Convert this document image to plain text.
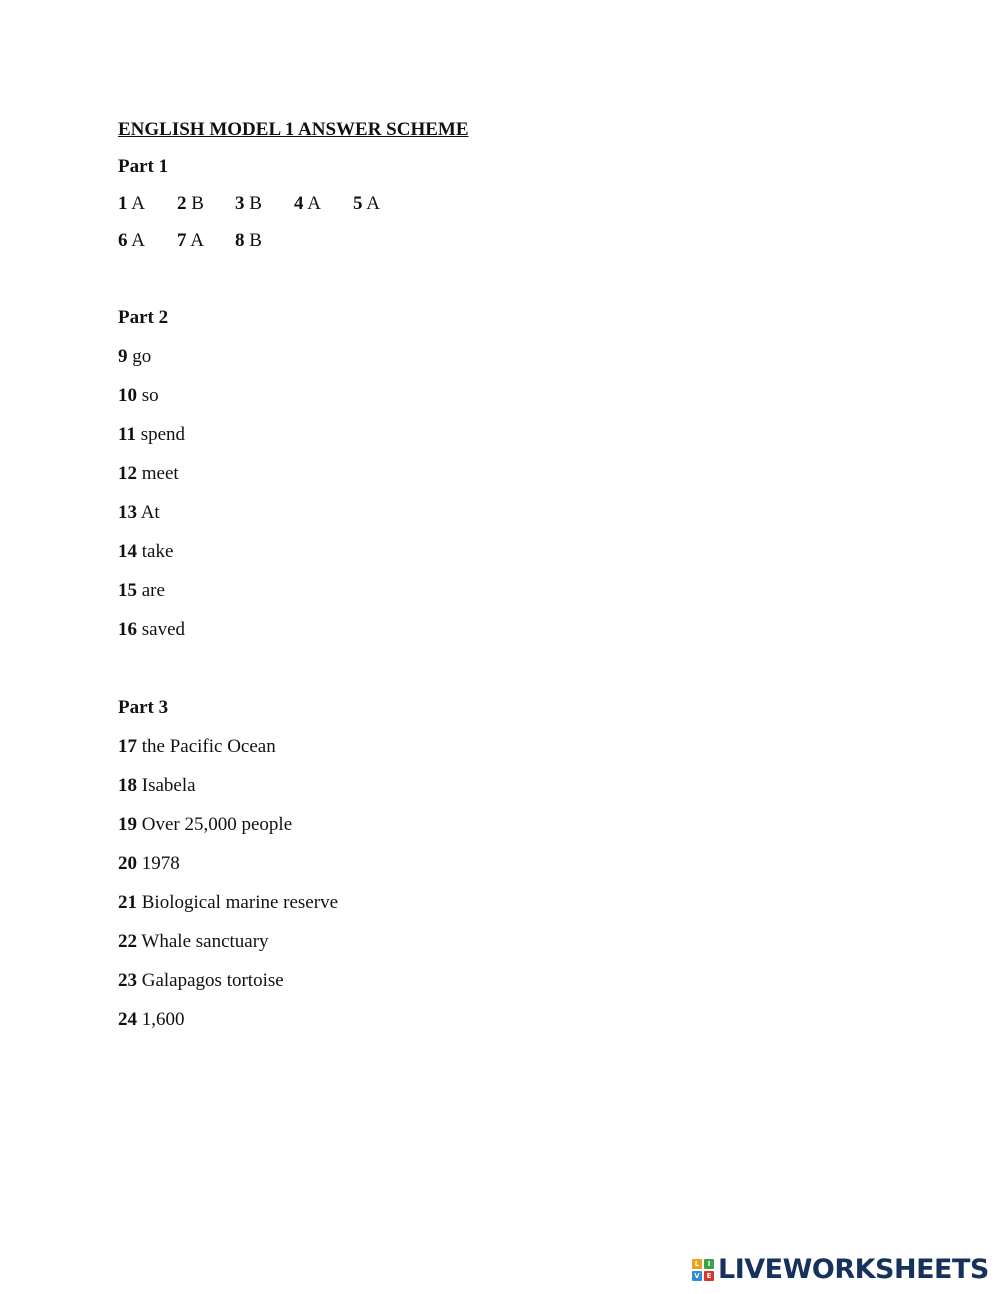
ENGLISH MODEL 1 ANSWER SCHEME
Part 1
1 A 2 B 3 B 4 A 5 A
6 A 7 A 8 B
Part 2
9 go
10 so
11 spend
12 meet
13 At
14 take
15 are
16 saved
Part 3
17 the Pacific Ocean
18 Isabela
19 Over 25,000 people
20 1978
21 Biological marine reserve
22 Whale sanctuary
23 Galapagos tortoise
24 1,600
L	I
V E LIVEWORKSHEETS
